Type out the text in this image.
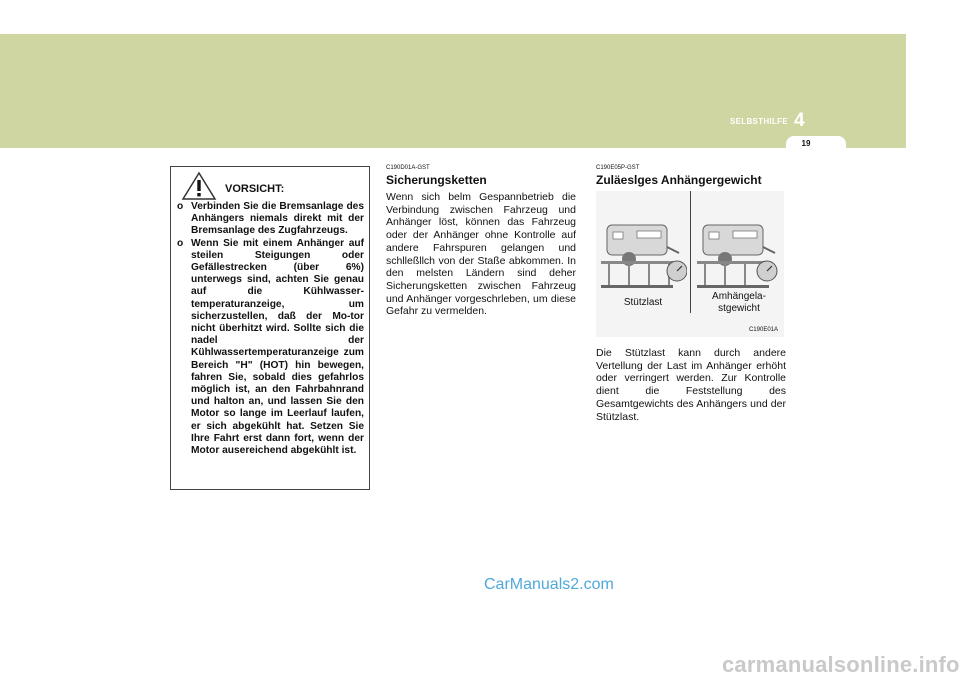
SELBSTHILFE 4
19
VORSICHT:
o Verbinden Sie die Bremsanlage des Anhängers niemals direkt mit der Bremsanlage des Zugfahrzeugs.
o Wenn Sie mit einem Anhänger auf steilen Steigungen oder Gefällestrecken (über 6%) unterwegs sind, achten Sie genau auf die Kühlwasser-temperaturanzeige, um sicherzustellen, daß der Mo-tor nicht überhitzt wird. Sollte sich die nadel der Kühlwassertemperaturanzeige zum Bereich "H" (HOT) hin bewegen, fahren Sie, sobald dies gefahrlos möglich ist, an den Fahrbahnrand und halton an, und lassen Sie den Motor so lange im Leerlauf laufen, er sich abgekühlt hat. Setzen Sie Ihre Fahrt erst dann fort, wenn der Motor ausereichend abgekühlt ist.
C190D01A-GST
Sicherungsketten

Wenn sich belm Gespannbetrieb die Verbindung zwischen Fahrzeug und Anhänger löst, können das Fahrzeug oder der Anhänger ohne Kontrolle auf andere Fahrspuren gelangen und schlleßllch von der Staße abkommen. In den melsten Ländern sind deher Sicherungsketten zwischen Fahrzeug und Anhänger vorgeschrleben, um diese Gefahr zu vermelden.

C190E05P-GST
Zuläeslges Anhängergewicht
Stützlast
Amhängela-
stgewicht
C190E01A

Die Stützlast kann durch andere Vertellung der Last im Anhänger erhöht oder verringert werden. Zur Kontrolle dient die Feststellung des Gesamtgewichts des Anhängers und der Stützlast.

CarManuals2.com
carmanualsonline.info
